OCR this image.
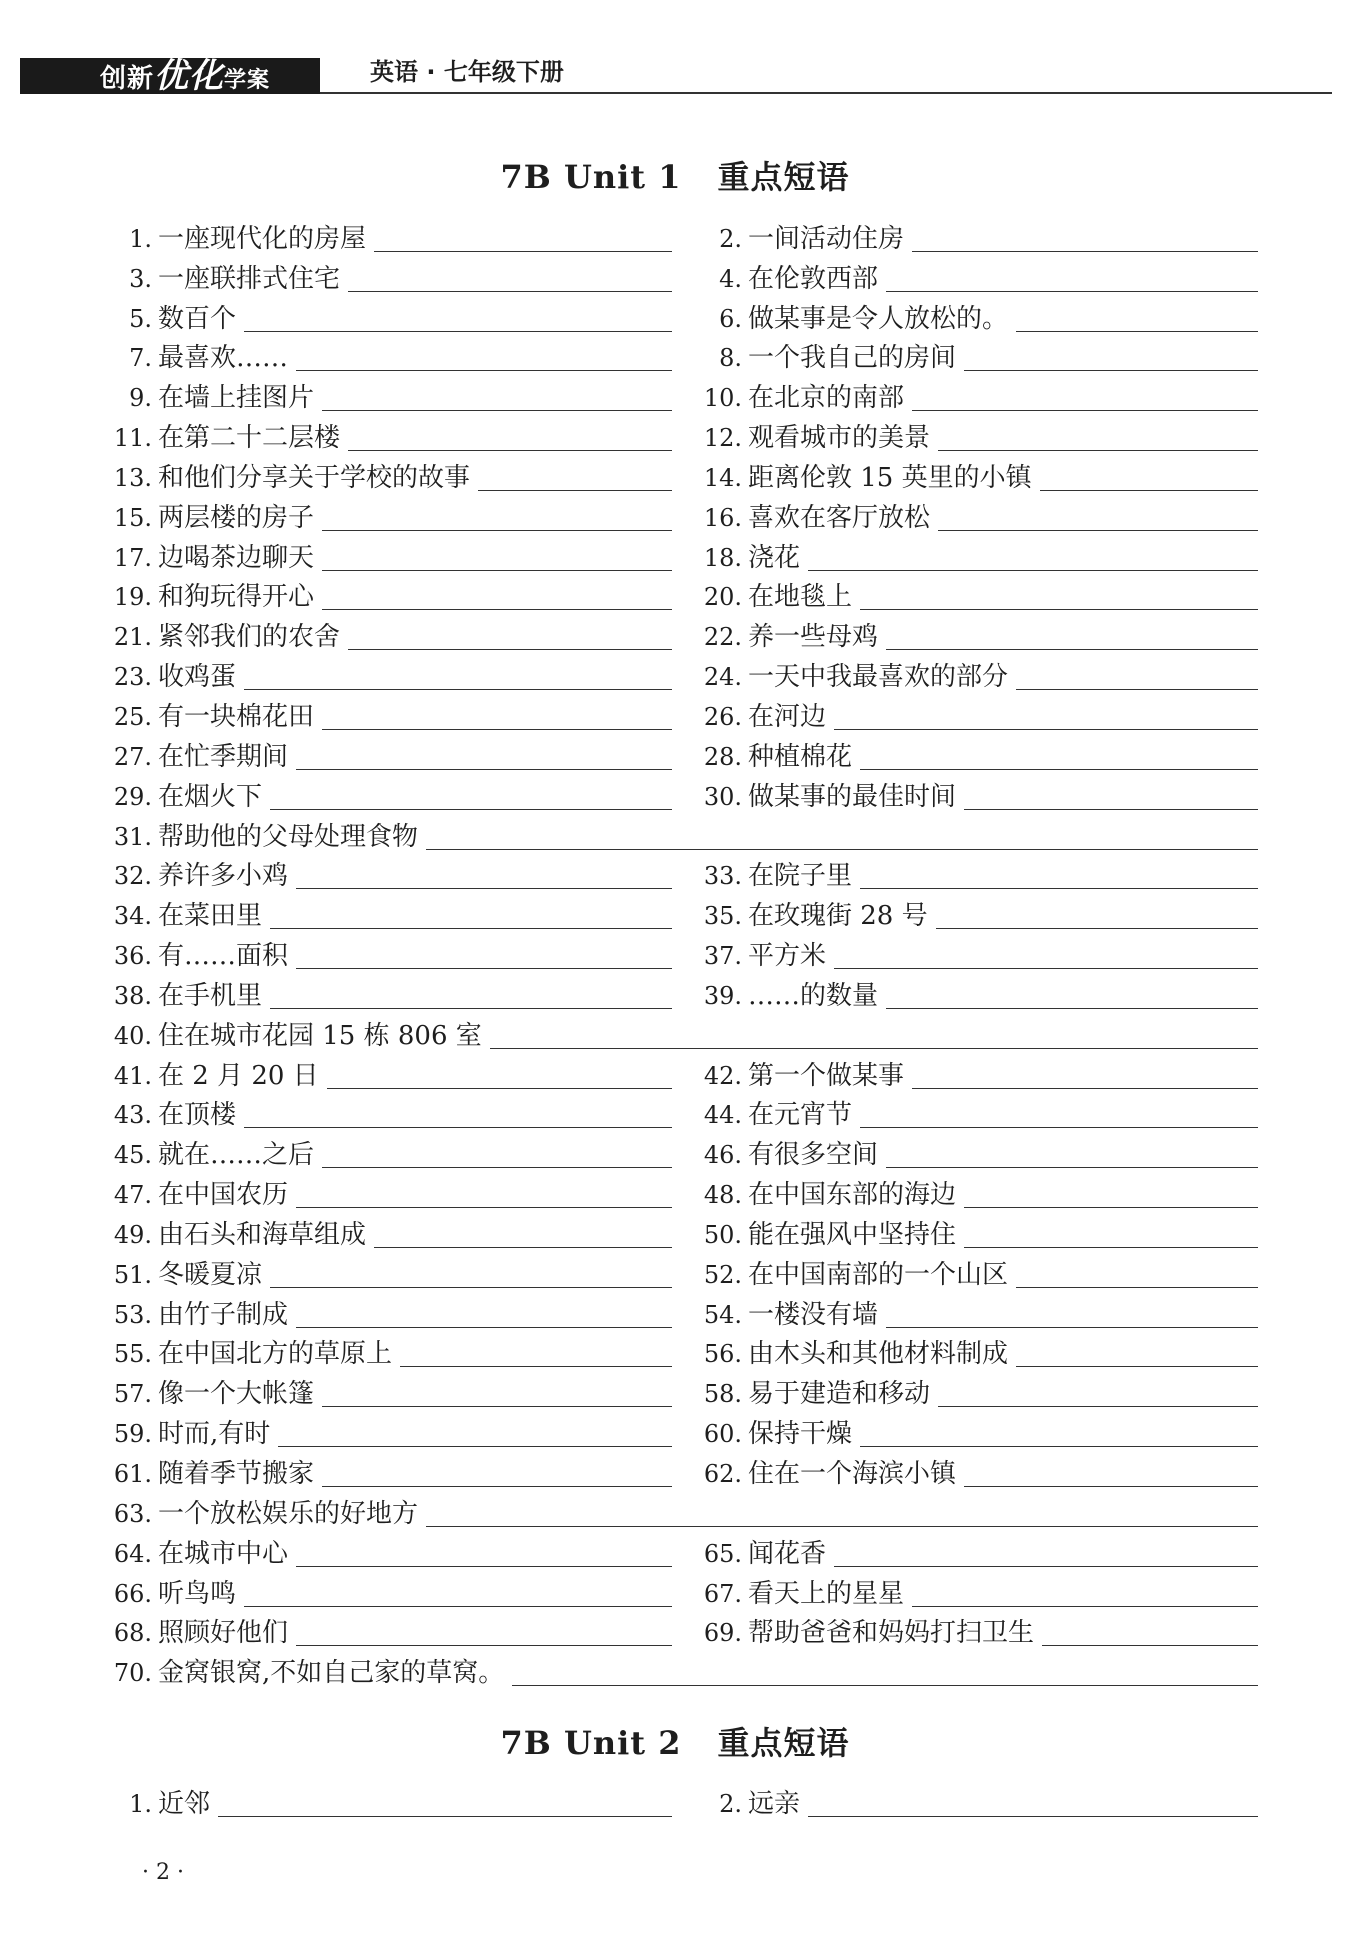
创新优化学案	英语 · 七年级下册
7B Unit 1 重点短语
1. 一座现代化的房屋	2. 一间活动住房
3. 一座联排式住宅	4. 在伦敦西部
5. 数百个	6. 做某事是令人放松的。
7. 最喜欢……	8. 一个我自己的房间
9. 在墙上挂图片	10. 在北京的南部
11. 在第二十二层楼	12. 观看城市的美景
13. 和他们分享关于学校的故事	14. 距离伦敦 15 英里的小镇
15. 两层楼的房子	16. 喜欢在客厅放松
17. 边喝茶边聊天	18. 浇花
19. 和狗玩得开心	20. 在地毯上
21. 紧邻我们的农舍	22. 养一些母鸡
23. 收鸡蛋	24. 一天中我最喜欢的部分
25. 有一块棉花田	26. 在河边
27. 在忙季期间	28. 种植棉花
29. 在烟火下	30. 做某事的最佳时间
31. 帮助他的父母处理食物
32. 养许多小鸡	33. 在院子里
34. 在菜田里	35. 在玫瑰街 28 号
36. 有……面积	37. 平方米
38. 在手机里	39. ……的数量
40. 住在城市花园 15 栋 806 室
41. 在 2 月 20 日	42. 第一个做某事
43. 在顶楼	44. 在元宵节
45. 就在……之后	46. 有很多空间
47. 在中国农历	48. 在中国东部的海边
49. 由石头和海草组成	50. 能在强风中坚持住
51. 冬暖夏凉	52. 在中国南部的一个山区
53. 由竹子制成	54. 一楼没有墙
55. 在中国北方的草原上	56. 由木头和其他材料制成
57. 像一个大帐篷	58. 易于建造和移动
59. 时而,有时	60. 保持干燥
61. 随着季节搬家	62. 住在一个海滨小镇
63. 一个放松娱乐的好地方
64. 在城市中心	65. 闻花香
66. 听鸟鸣	67. 看天上的星星
68. 照顾好他们	69. 帮助爸爸和妈妈打扫卫生
70. 金窝银窝,不如自己家的草窝。
7B Unit 2 重点短语
1. 近邻	2. 远亲
· 2 ·
